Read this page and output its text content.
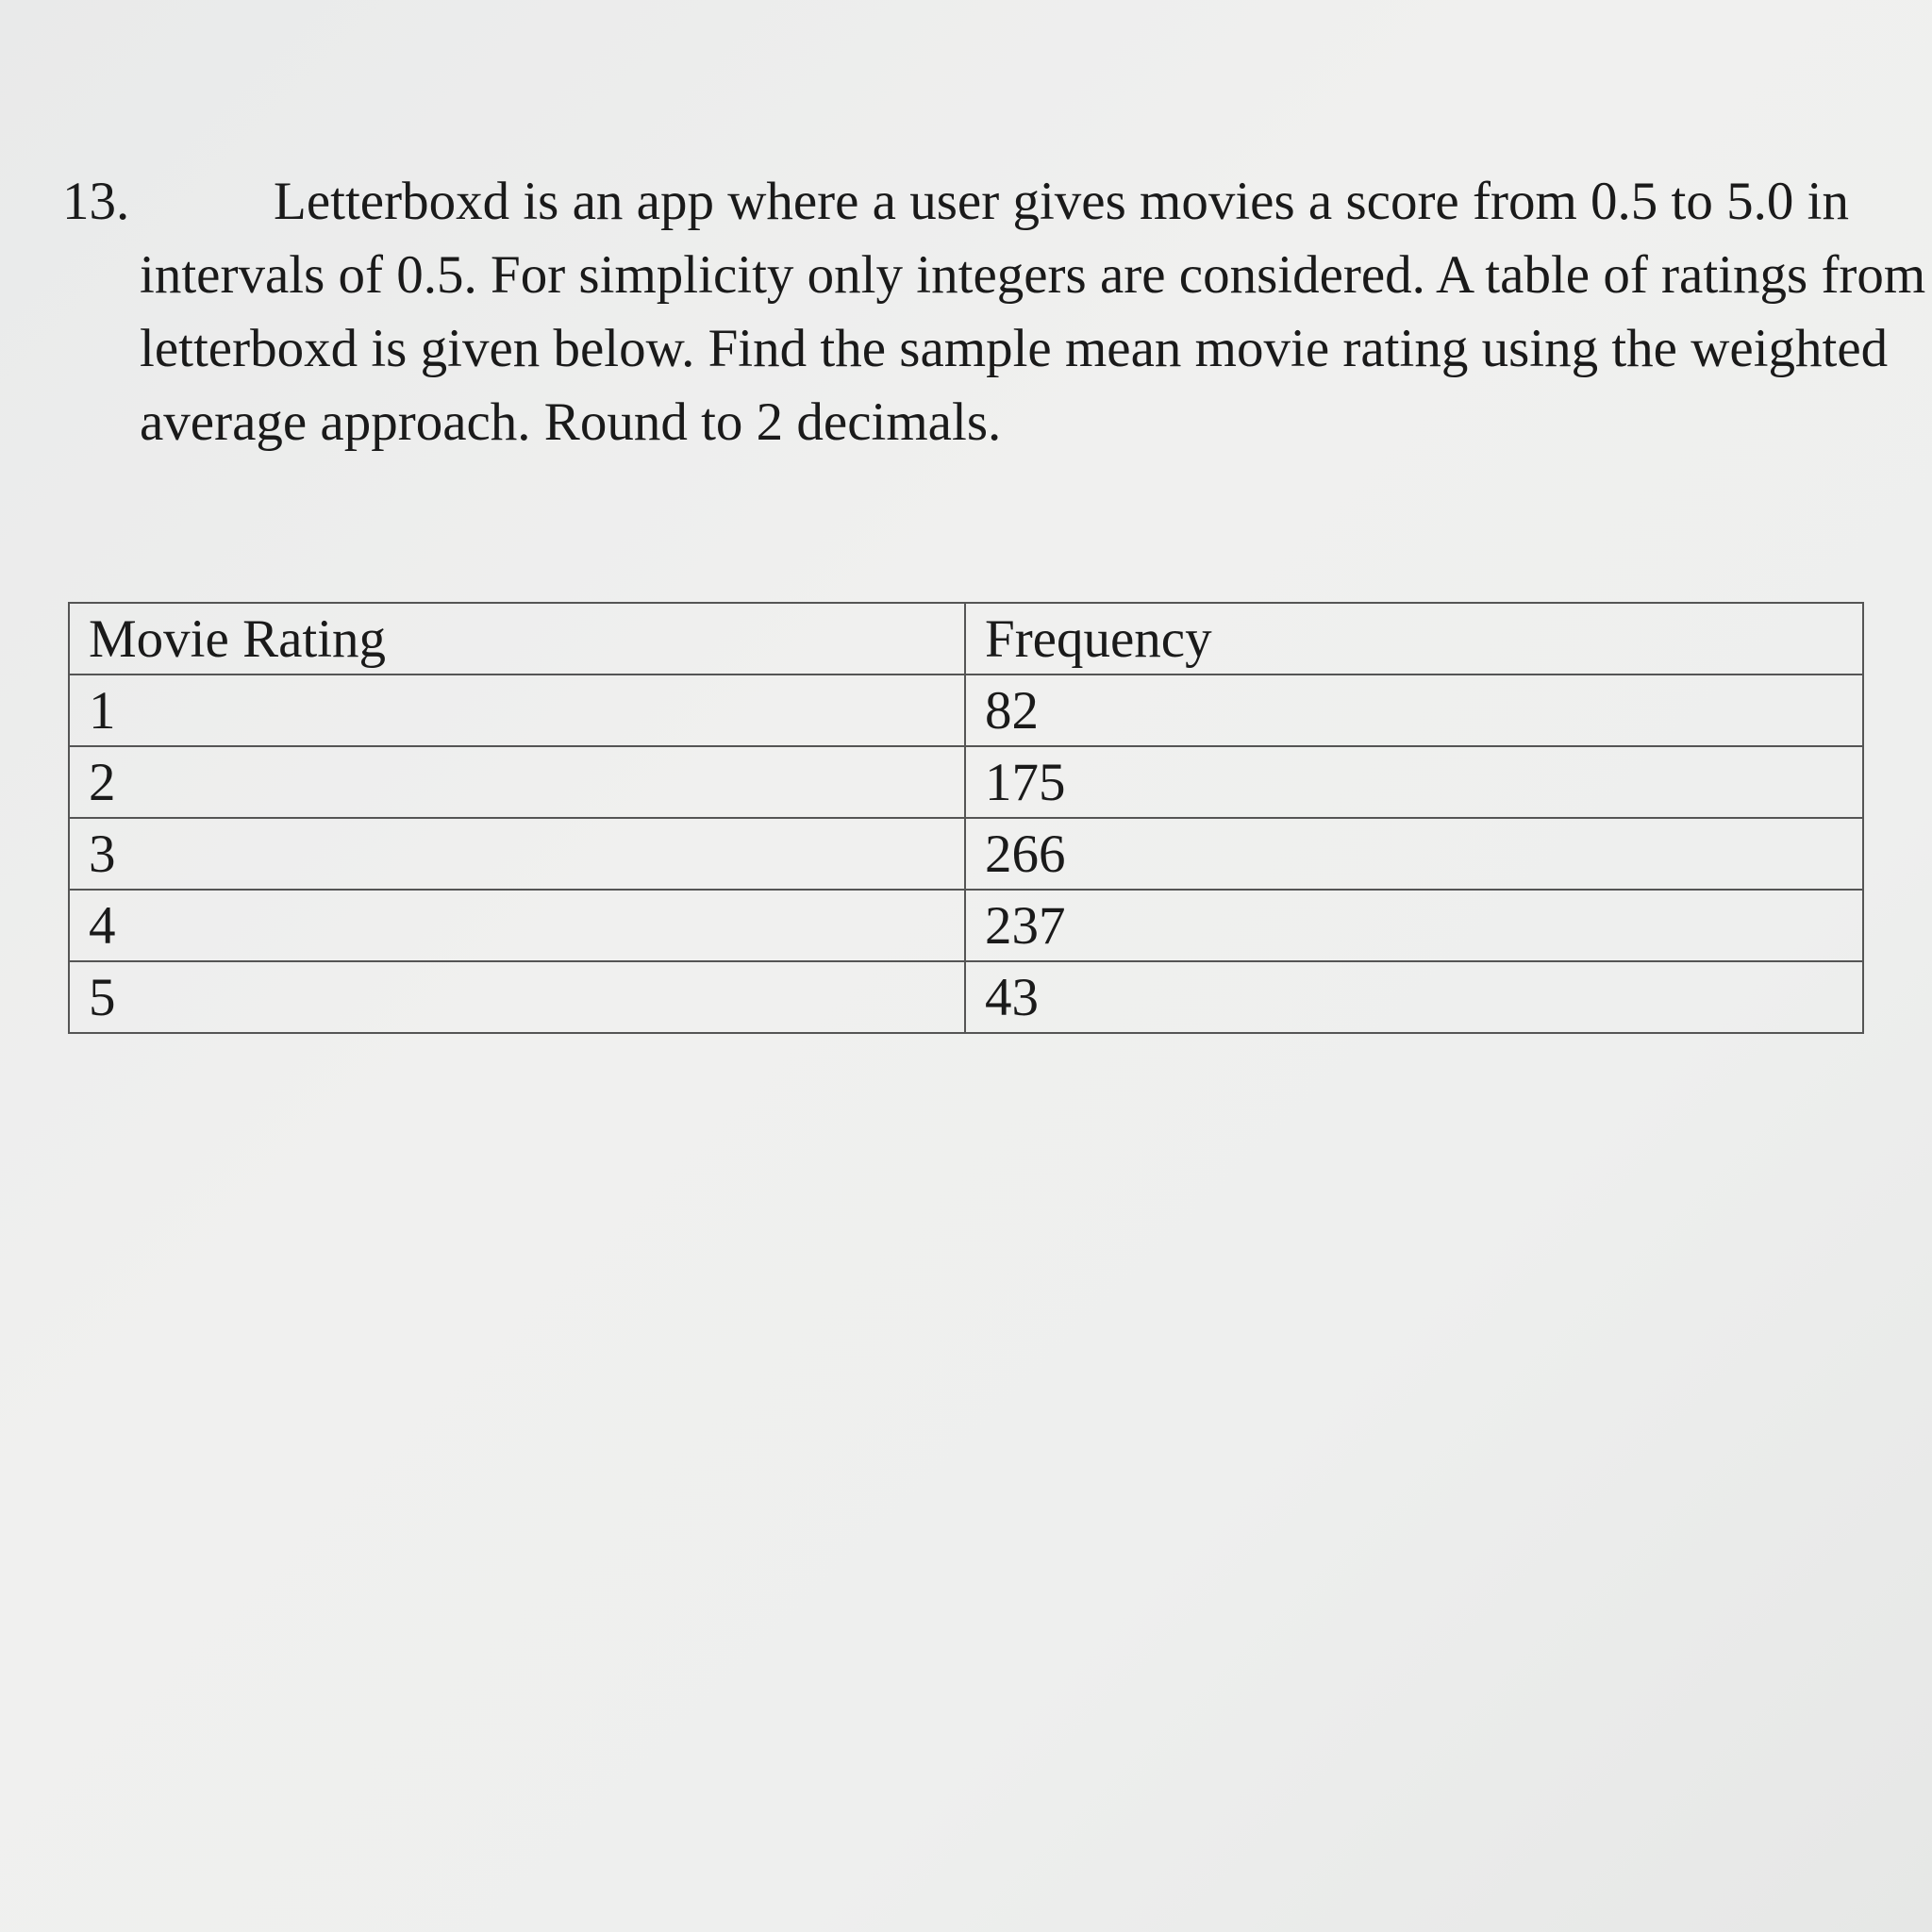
13.	Letterboxd is an app where a user gives movies a score from 0.5 to 5.0 in intervals of 0.5. For simplicity only integers are considered. A table of ratings from letterboxd is given below. Find the sample mean movie rating using the weighted average approach. Round to 2 decimals.
Movie Rating	Frequency
1	82
2	175
3	266
4	237
5	43
